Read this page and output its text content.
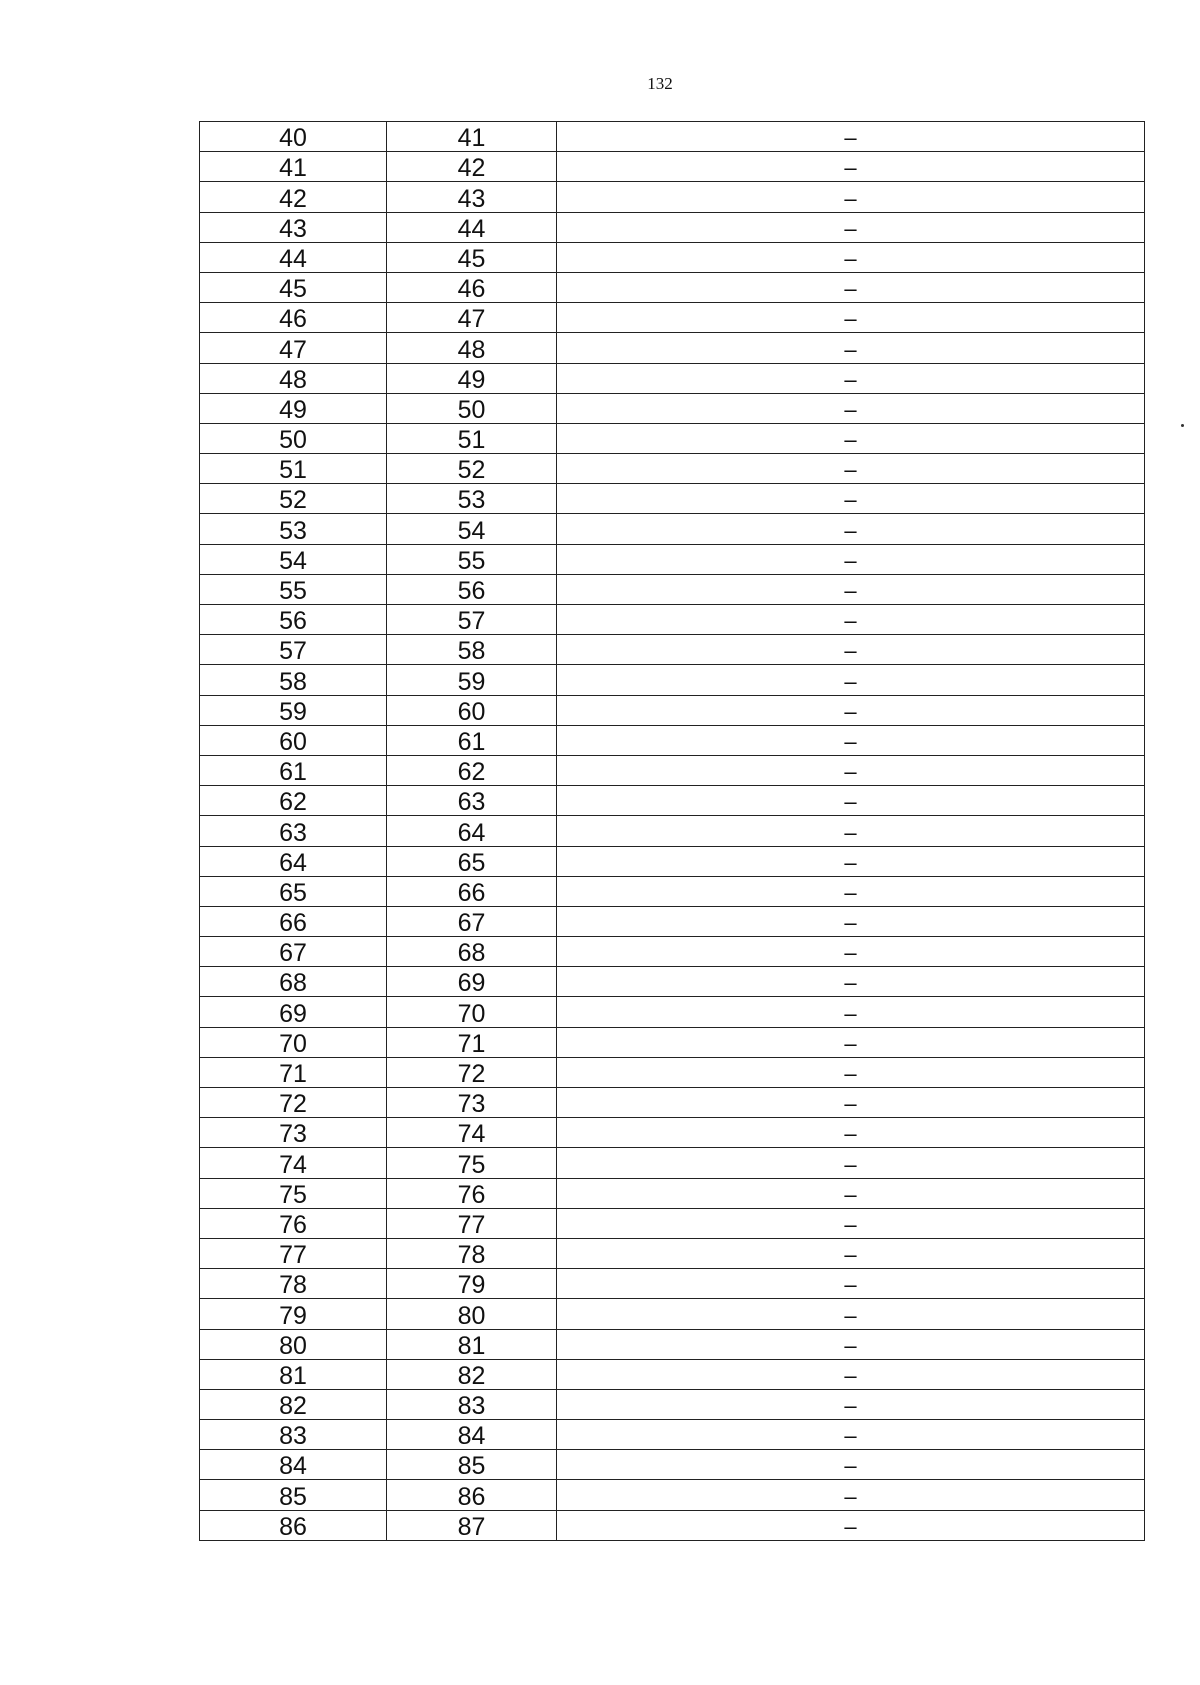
132
40	41	–
41	42	–
42	43	–
43	44	–
44	45	–
45	46	–
46	47	–
47	48	–
48	49	–
49	50	–
50	51	–
51	52	–
52	53	–
53	54	–
54	55	–
55	56	–
56	57	–
57	58	–
58	59	–
59	60	–
60	61	–
61	62	–
62	63	–
63	64	–
64	65	–
65	66	–
66	67	–
67	68	–
68	69	–
69	70	–
70	71	–
71	72	–
72	73	–
73	74	–
74	75	–
75	76	–
76	77	–
77	78	–
78	79	–
79	80	–
80	81	–
81	82	–
82	83	–
83	84	–
84	85	–
85	86	–
86	87	–
